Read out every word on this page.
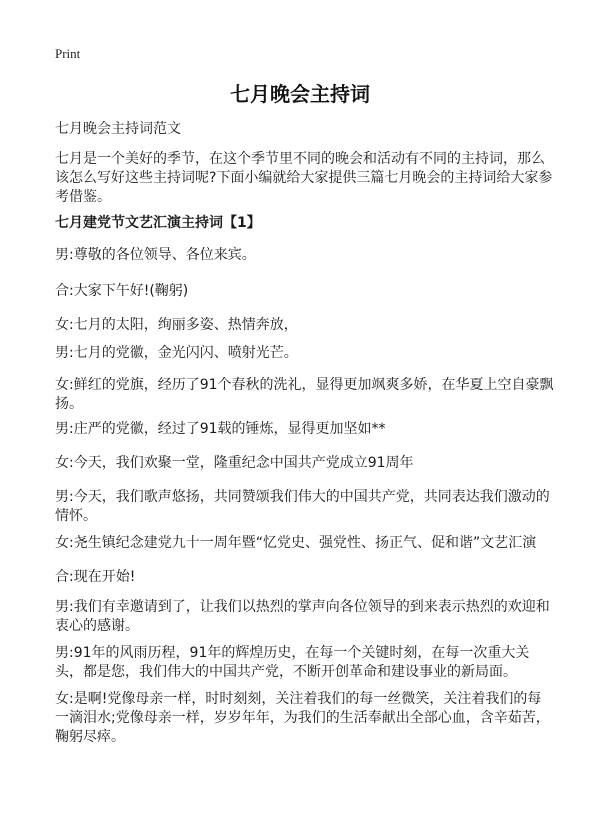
Print
七月晚会主持词

七月晚会主持词范文

七月是一个美好的季节，在这个季节里不同的晚会和活动有不同的主持词，那么该怎么写好这些主持词呢?下面小编就给大家提供三篇七月晚会的主持词给大家参考借鉴。

七月建党节文艺汇演主持词【1】

男:尊敬的各位领导、各位来宾。

合:大家下午好!(鞠躬)

女:七月的太阳，绚丽多姿、热情奔放，

男:七月的党徽，金光闪闪、喷射光芒。

女:鲜红的党旗，经历了91个春秋的洗礼，显得更加飒爽多娇，在华夏上空自豪飘扬。

男:庄严的党徽，经过了91载的锤炼，显得更加坚如**

女:今天，我们欢聚一堂，隆重纪念中国共产党成立91周年

男:今天，我们歌声悠扬，共同赞颂我们伟大的中国共产党，共同表达我们激动的情怀。

女:尧生镇纪念建党九十一周年暨“忆党史、强党性、扬正气、促和谐”文艺汇演

合:现在开始!

男:我们有幸邀请到了，让我们以热烈的掌声向各位领导的到来表示热烈的欢迎和衷心的感谢。

男:91年的风雨历程，91年的辉煌历史，在每一个关键时刻，在每一次重大关头，都是您，我们伟大的中国共产党，不断开创革命和建设事业的新局面。

女:是啊!党像母亲一样，时时刻刻，关注着我们的每一丝微笑，关注着我们的每一滴泪水;党像母亲一样，岁岁年年，为我们的生活奉献出全部心血，含辛茹苦，鞠躬尽瘁。
